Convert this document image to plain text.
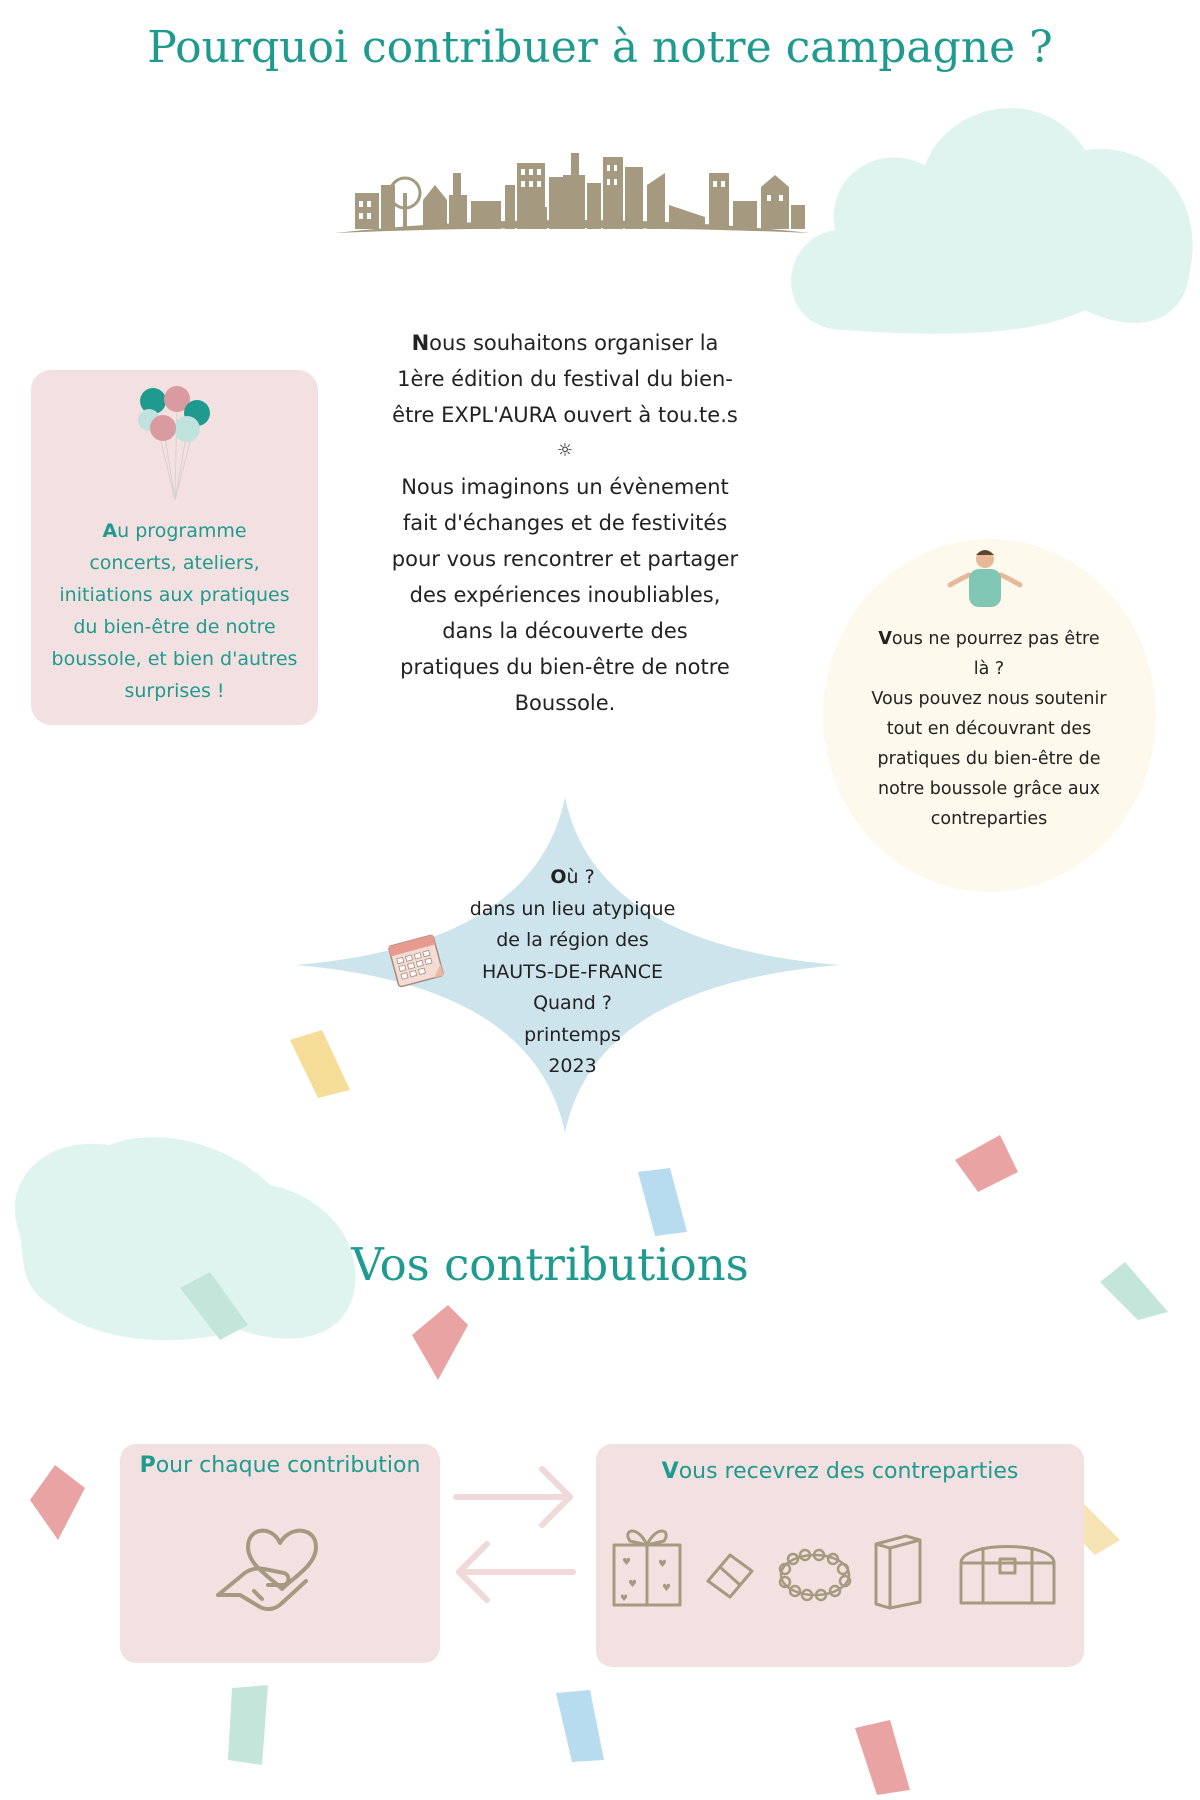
Pourquoi contribuer à notre campagne ?
Au programme
concerts, ateliers,
initiations aux pratiques
du bien-être de notre
boussole, et bien d'autres
surprises !
Nous souhaitons organiser la
1ère édition du festival du bien-
être EXPL'AURA ouvert à tou.te.s
☼
Nous imaginons un évènement
fait d'échanges et de festivités
pour vous rencontrer et partager
des expériences inoubliables,
dans la découverte des
pratiques du bien-être de notre
Boussole.
Vous ne pourrez pas être
là ?
Vous pouvez nous soutenir
tout en découvrant des
pratiques du bien-être de
notre boussole grâce aux
contreparties
Où ?
dans un lieu atypique
de la région des
HAUTS-DE-FRANCE
Quand ?
printemps
2023
Vos contributions
Pour chaque contribution	Vous recevrez des contreparties
♥	♥
♥	♥
♥
